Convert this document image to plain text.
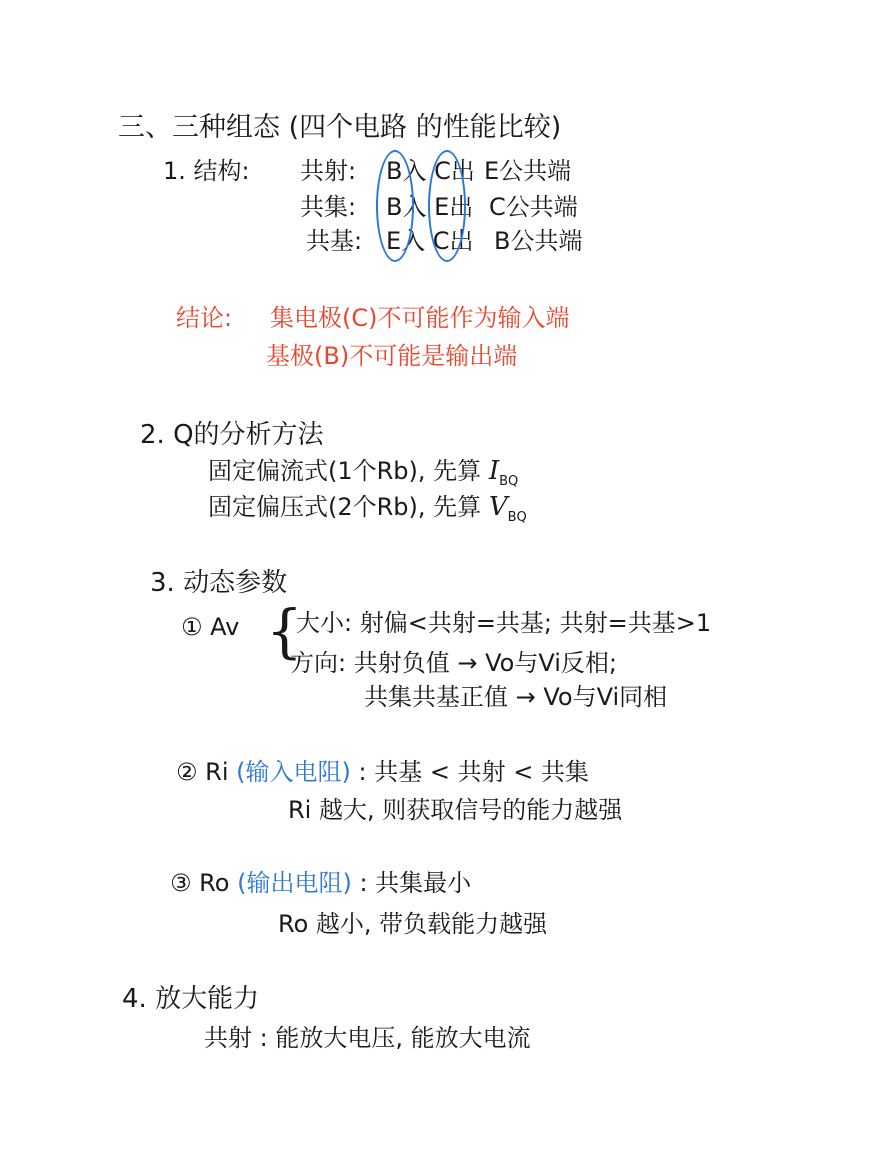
三、三种组态 (四个电路 的性能比较)
1. 结构: 共射: B入 C出 E公共端
共集: B入 E出 C公共端
共基: E入 C出 B公共端
结论: 集电极(C)不可能作为输入端
基极(B)不可能是输出端
2. Q的分析方法
固定偏流式(1个Rb), 先算 $I_{BQ}$
固定偏压式(2个Rb), 先算 $V_{BQ}$
3. 动态参数
① Av {
大小: 射偏<共射=共基; 共射=共基>1
方向: 共射负值 → Vo与Vi反相;
共集共基正值 → Vo与Vi同相
② Ri (输入电阻) : 共基 < 共射 < 共集
Ri 越大, 则获取信号的能力越强
③ Ro (输出电阻) : 共集最小
Ro 越小, 带负载能力越强
4. 放大能力
共射 : 能放大电压, 能放大电流
